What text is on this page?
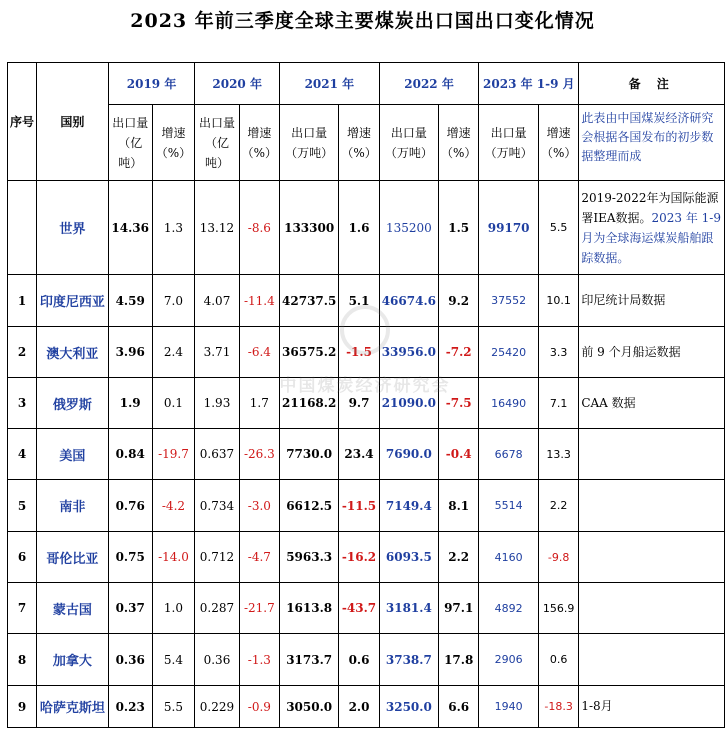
2023 年前三季度全球主要煤炭出口国出口变化情况
序号	国别	2019 年		2020 年		2021 年		2022 年		2023 年 1-9 月		备 注
		出口量（亿吨）	增速（%）	出口量（亿吨）	增速（%）	出口量（万吨）	增速（%）	出口量（万吨）	增速（%）	出口量（万吨）	增速（%）	此表由中国煤炭经济研究会根据各国发布的初步数据整理而成
	世界	14.36	1.3	13.12	-8.6	133300	1.6	135200	1.5	99170	5.5	2019-2022年为国际能源署IEA数据。2023 年 1-9 月为全球海运煤炭船舶跟踪数据。
1	印度尼西亚	4.59	7.0	4.07	-11.4	42737.5	5.1	46674.6	9.2	37552	10.1	印尼统计局数据
2	澳大利亚	3.96	2.4	3.71	-6.4	36575.2	-1.5	33956.0	-7.2	25420	3.3	前 9 个月船运数据
3	俄罗斯	1.9	0.1	1.93	1.7	21168.2	9.7	21090.0	-7.5	16490	7.1	CAA 数据
4	美国	0.84	-19.7	0.637	-26.3	7730.0	23.4	7690.0	-0.4	6678	13.3	
5	南非	0.76	-4.2	0.734	-3.0	6612.5	-11.5	7149.4	8.1	5514	2.2	
6	哥伦比亚	0.75	-14.0	0.712	-4.7	5963.3	-16.2	6093.5	2.2	4160	-9.8	
7	蒙古国	0.37	1.0	0.287	-21.7	1613.8	-43.7	3181.4	97.1	4892	156.9	
8	加拿大	0.36	5.4	0.36	-1.3	3173.7	0.6	3738.7	17.8	2906	0.6	
9	哈萨克斯坦	0.23	5.5	0.229	-0.9	3050.0	2.0	3250.0	6.6	1940	-18.3	1-8月
中国煤炭经济研究会
